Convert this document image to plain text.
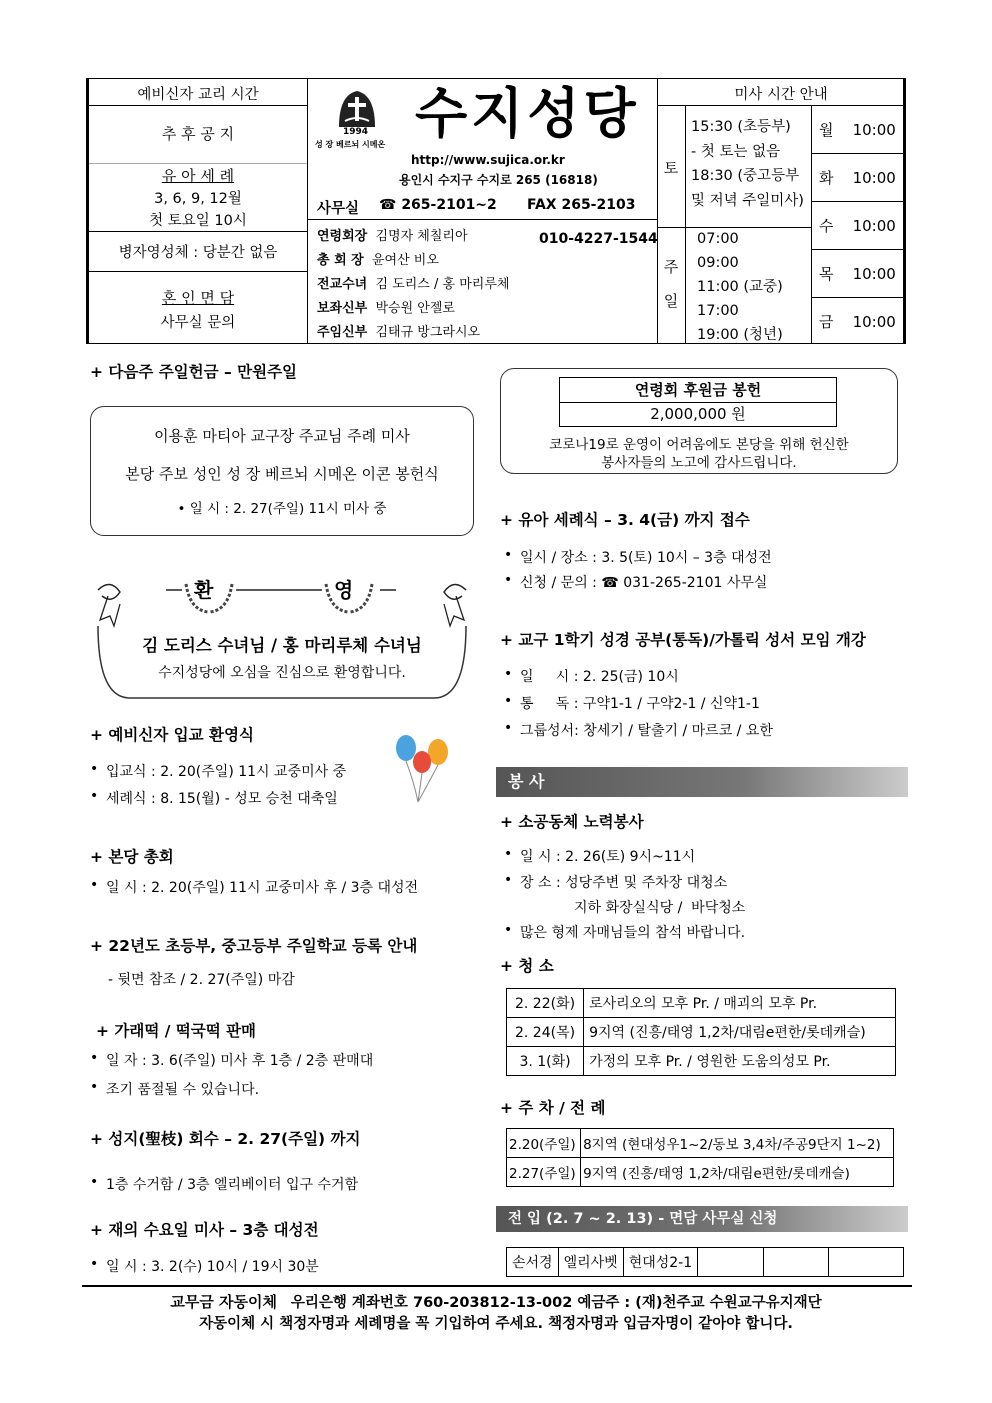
예비신자 교리 시간
추 후 공 지
유 아 세 례
3, 6, 9, 12월
첫 토요일 10시
병자영성체 : 당분간 없음
혼 인 면 담
사무실 문의
1994
성 장 베르뇌 시메온 수지성당
http://www.sujica.or.kr
용인시 수지구 수지로 265 (16818)
사무실 ☎ 265-2101~2 FAX 265-2103
연령회장 김명자 체칠리아
총 회 장 윤여산 비오
전교수녀 김 도리스 / 홍 마리루체
보좌신부 박승원 안젤로
주임신부 김태규 방그라시오
010-4227-1544
미사 시간 안내
토
15:30 (초등부)
- 첫 토는 없음
18:30 (중고등부
및 저녁 주일미사)
주

일
07:00
09:00
11:00 (교중)
17:00
19:00 (청년)
월 10:00
화 10:00
수 10:00
목 10:00
금 10:00
+ 다음주 주일헌금 – 만원주일
이용훈 마티아 교구장 주교님 주례 미사
본당 주보 성인 성 장 베르뇌 시메온 이콘 봉헌식
• 일 시 : 2. 27(주일) 11시 미사 중
환	영
김 도리스 수녀님 / 홍 마리루체 수녀님
수지성당에 오심을 진심으로 환영합니다.
+ 예비신자 입교 환영식
• 입교식 : 2. 20(주일) 11시 교중미사 중
• 세례식 : 8. 15(월) - 성모 승천 대축일
+ 본당 총회
• 일 시 : 2. 20(주일) 11시 교중미사 후 / 3층 대성전
+ 22년도 초등부, 중고등부 주일학교 등록 안내
- 뒷면 참조 / 2. 27(주일) 마감
+ 가래떡 / 떡국떡 판매
• 일 자 : 3. 6(주일) 미사 후 1층 / 2층 판매대
• 조기 품절될 수 있습니다.
+ 성지(聖枝) 회수 – 2. 27(주일) 까지
• 1층 수거함 / 3층 엘리베이터 입구 수거함
+ 재의 수요일 미사 – 3층 대성전
• 일 시 : 3. 2(수) 10시 / 19시 30분
연령회 후원금 봉헌
2,000,000 원
코로나19로 운영이 어려움에도 본당을 위해 헌신한
봉사자들의 노고에 감사드립니다.
+ 유아 세례식 – 3. 4(금) 까지 접수
• 일시 / 장소 : 3. 5(토) 10시 – 3층 대성전
• 신청 / 문의 : ☎ 031-265-2101 사무실
+ 교구 1학기 성경 공부(통독)/가톨릭 성서 모임 개강
• 일     시 : 2. 25(금) 10시
• 통     독 : 구약1-1 / 구약2-1 / 신약1-1
• 그룹성서: 창세기 / 탈출기 / 마르코 / 요한
봉 사
+ 소공동체 노력봉사
• 일 시 : 2. 26(토) 9시~11시
• 장 소 : 성당주변 및 주차장 대청소
지하 화장실식당 /  바닥청소
• 많은 형제 자매님들의 참석 바랍니다.
+ 청 소
2. 22(화)	로사리오의 모후 Pr. / 매괴의 모후 Pr.
2. 24(목)	9지역 (진흥/태영 1,2차/대림e편한/롯데캐슬)
3. 1(화)	가정의 모후 Pr. / 영원한 도움의성모 Pr.
+ 주 차 / 전 례
2.20(주일)	8지역 (현대성우1~2/동보 3,4차/주공9단지 1~2)
2.27(주일)	9지역 (진흥/태영 1,2차/대림e편한/롯데캐슬)
전 입 (2. 7 ~ 2. 13) - 면담 사무실 신청
손서경	엘리사벳	현대성2-1			
교무금 자동이체 우리은행 계좌번호 760-203812-13-002 예금주 : (재)천주교 수원교구유지재단
자동이체 시 책정자명과 세례명을 꼭 기입하여 주세요. 책정자명과 입금자명이 같아야 합니다.
